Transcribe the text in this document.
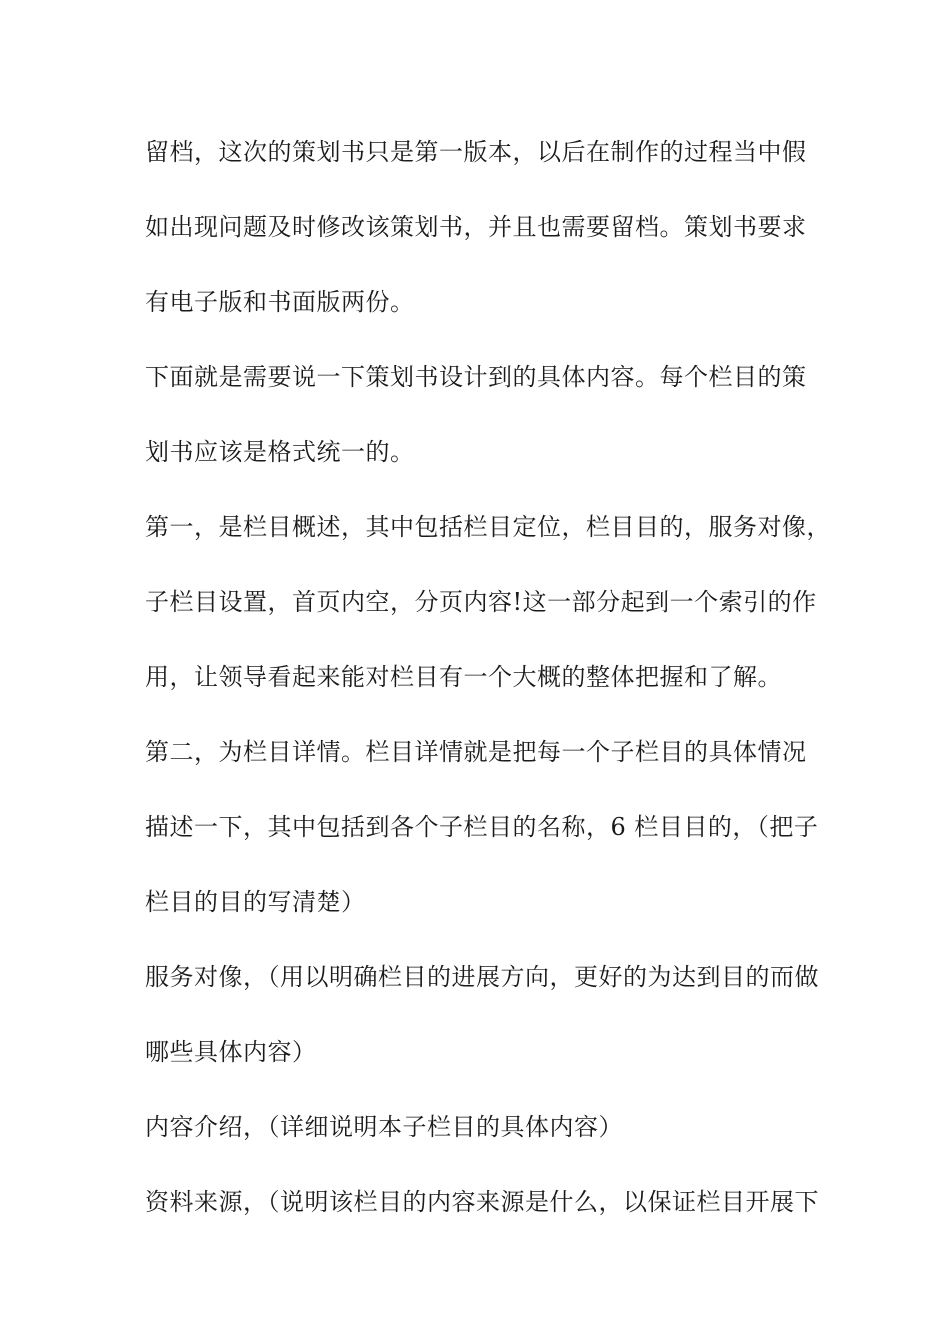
留档，这次的策划书只是第一版本，以后在制作的过程当中假
如出现问题及时修改该策划书，并且也需要留档。策划书要求
有电子版和书面版两份。
下面就是需要说一下策划书设计到的具体内容。每个栏目的策
划书应该是格式统一的。
第一，是栏目概述，其中包括栏目定位，栏目目的，服务对像，
子栏目设置，首页内空，分页内容!这一部分起到一个索引的作
用，让领导看起来能对栏目有一个大概的整体把握和了解。
第二，为栏目详情。栏目详情就是把每一个子栏目的具体情况
描述一下，其中包括到各个子栏目的名称，6 栏目目的，（把子
栏目的目的写清楚）
服务对像，（用以明确栏目的进展方向，更好的为达到目的而做
哪些具体内容）
内容介绍，（详细说明本子栏目的具体内容）
资料来源，（说明该栏目的内容来源是什么，以保证栏目开展下
